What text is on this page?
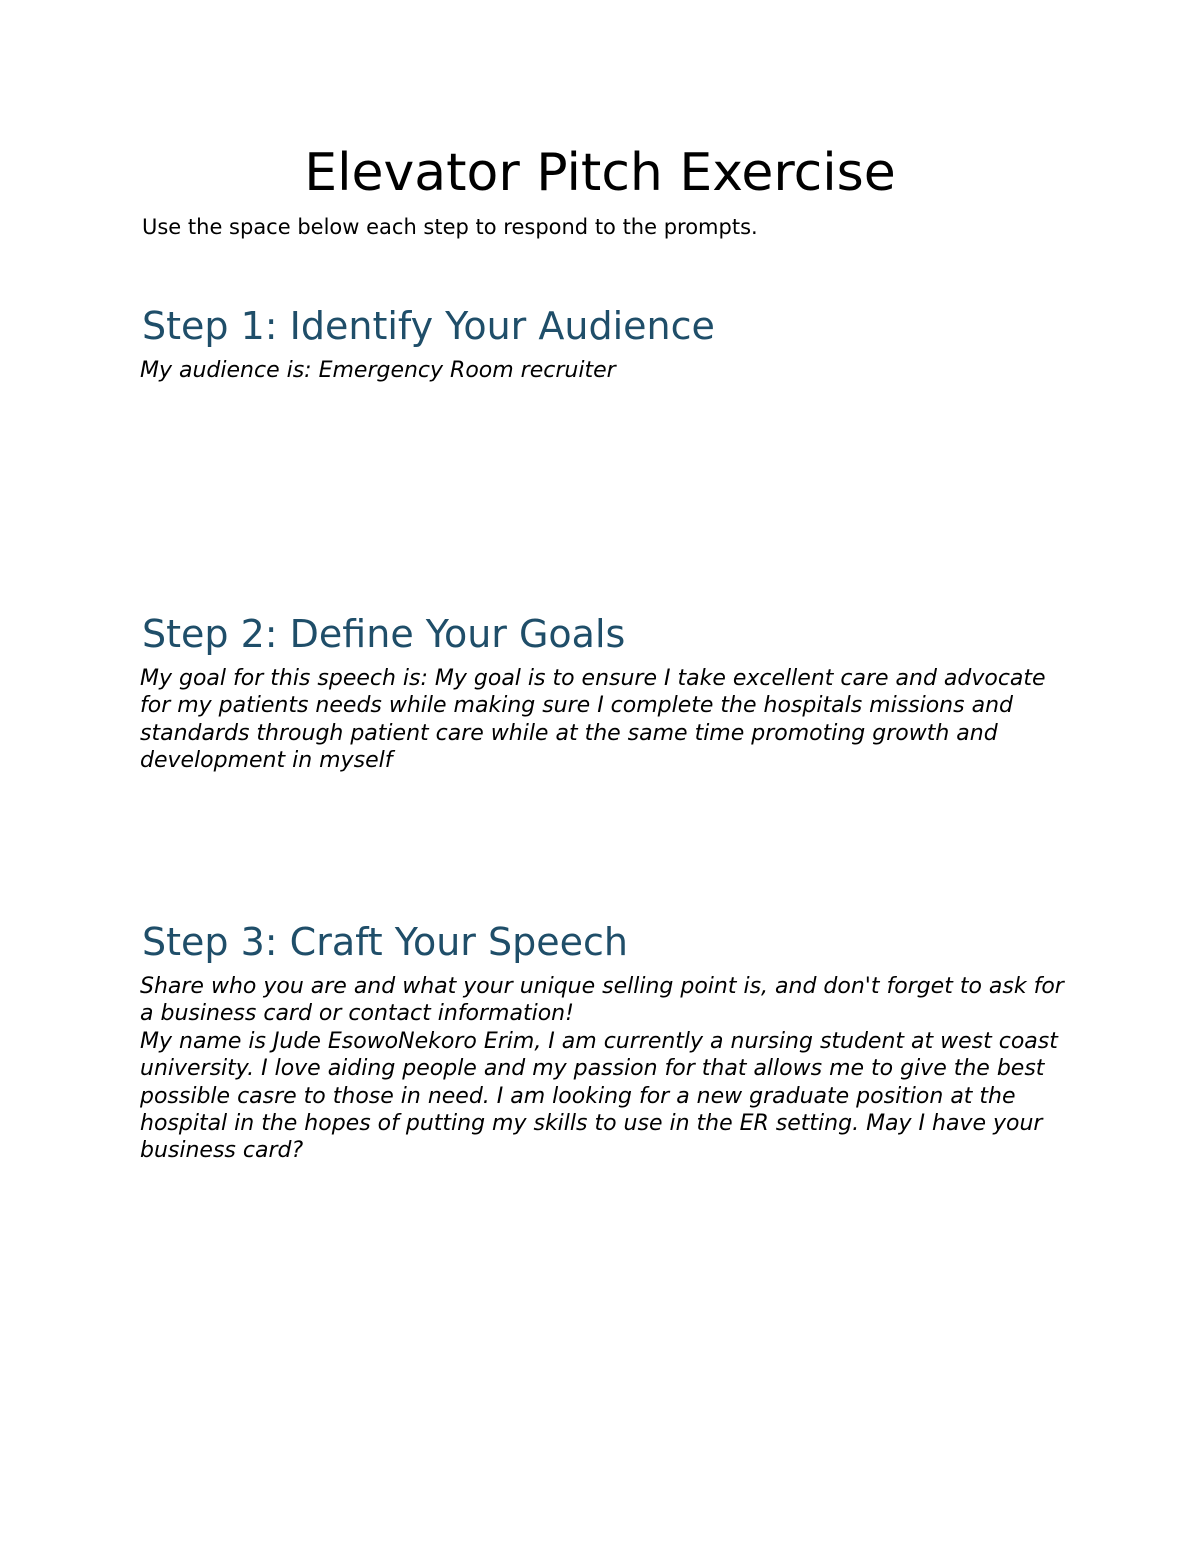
Elevator Pitch Exercise

Use the space below each step to respond to the prompts.

Step 1: Identify Your Audience

My audience is: Emergency Room recruiter

Step 2: Define Your Goals

My goal for this speech is: My goal is to ensure I take excellent care and advocate for my patients needs while making sure I complete the hospitals missions and standards through patient care while at the same time promoting growth and development in myself

Step 3: Craft Your Speech

Share who you are and what your unique selling point is, and don't forget to ask for a business card or contact information!

My name is Jude EsowoNekoro Erim, I am currently a nursing student at west coast university. I love aiding people and my passion for that allows me to give the best possible casre to those in need. I am looking for a new graduate position at the hospital in the hopes of putting my skills to use in the ER setting. May I have your business card?
